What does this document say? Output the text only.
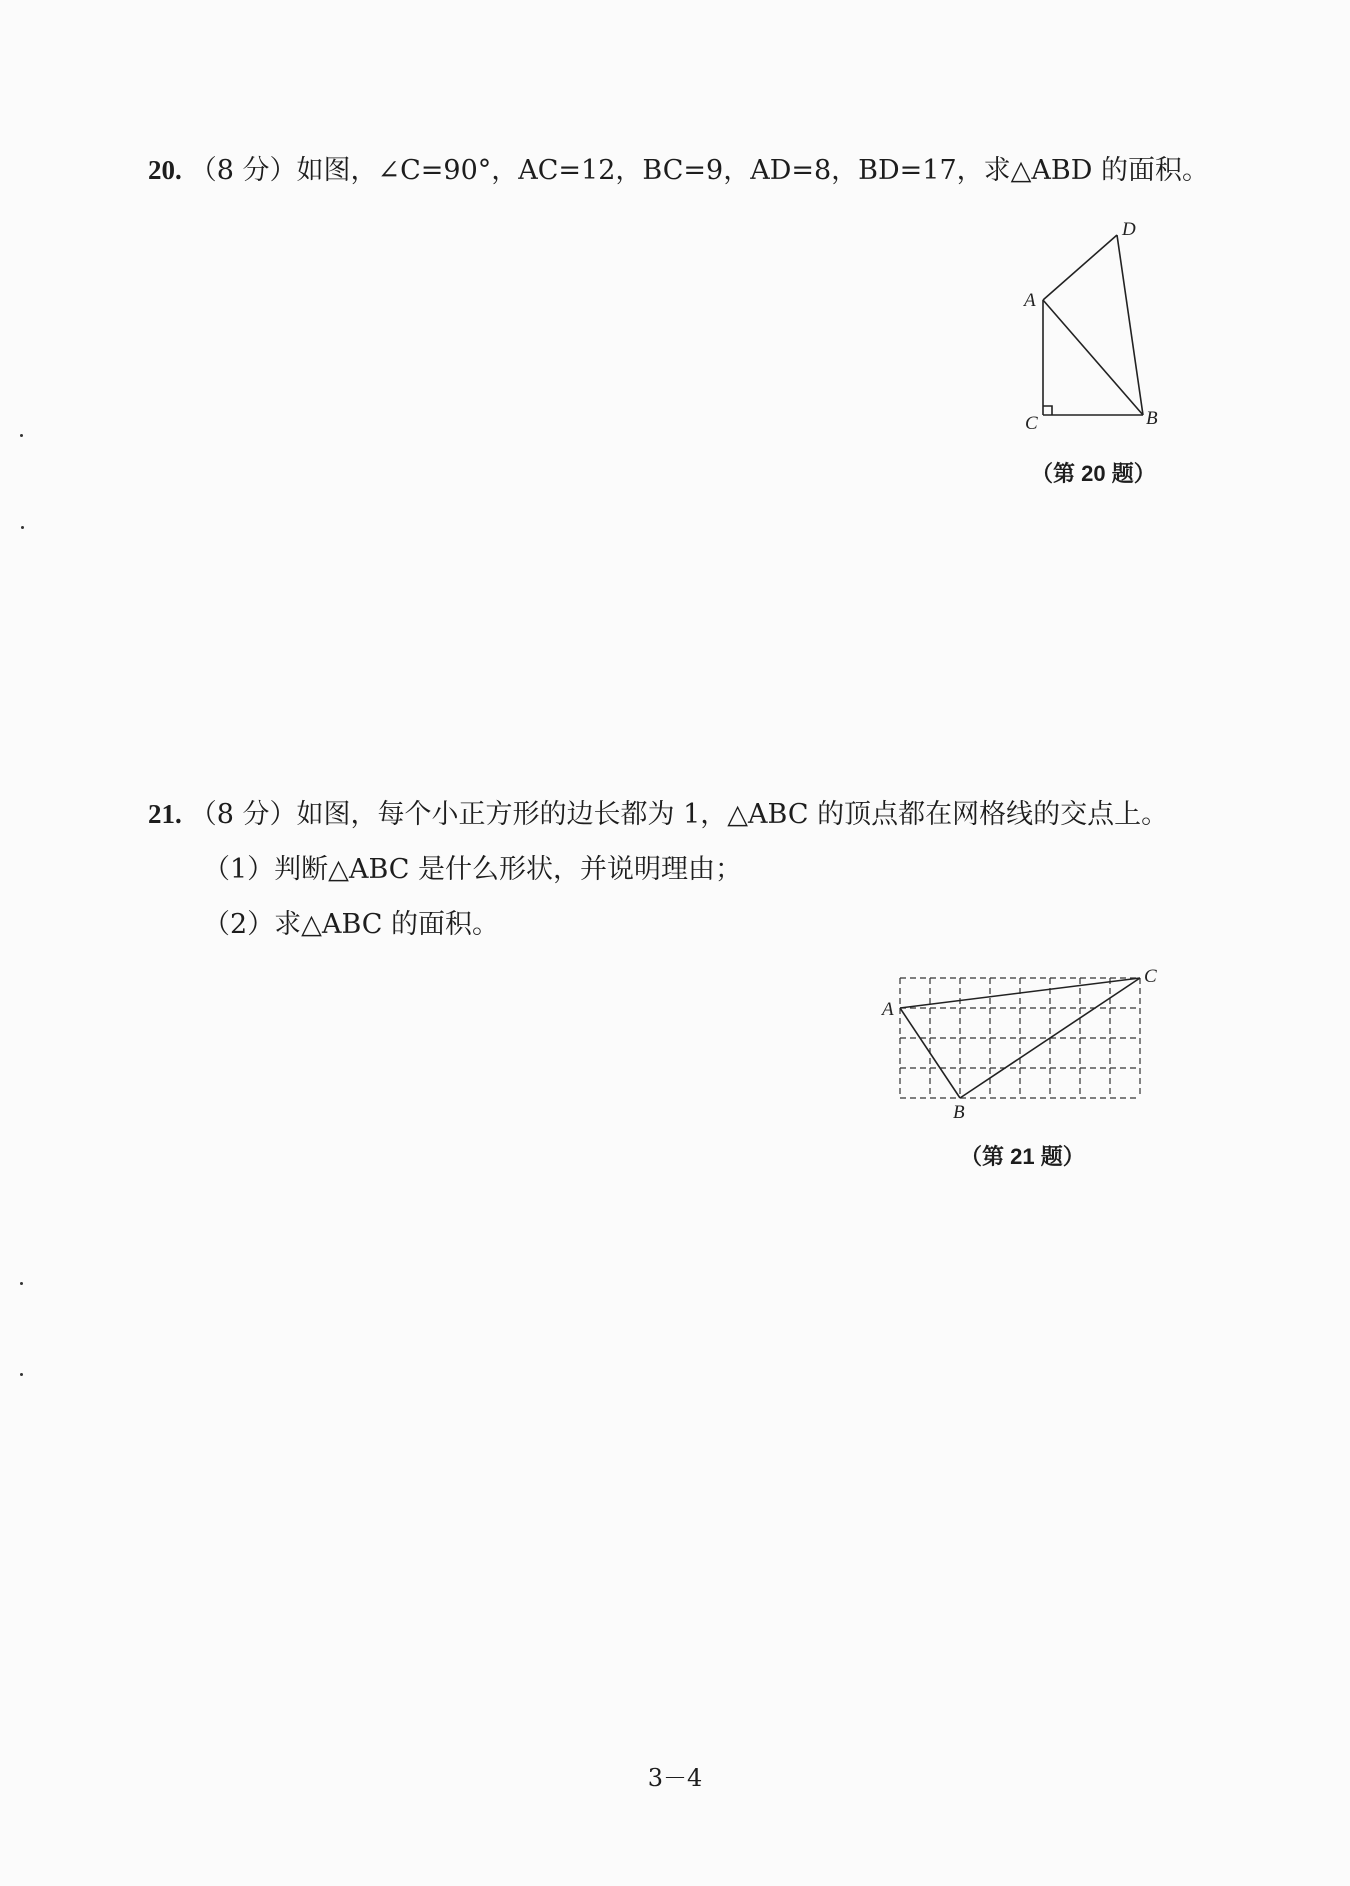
20. （8 分）如图，∠C=90°，AC=12，BC=9，AD=8，BD=17，求△ABD 的面积。
A
C	B
D
（第 20 题）
21. （8 分）如图，每个小正方形的边长都为 1，△ABC 的顶点都在网格线的交点上。
（1）判断△ABC 是什么形状，并说明理由；
（2）求△ABC 的面积。
A
B
C
（第 21 题）
3－4
